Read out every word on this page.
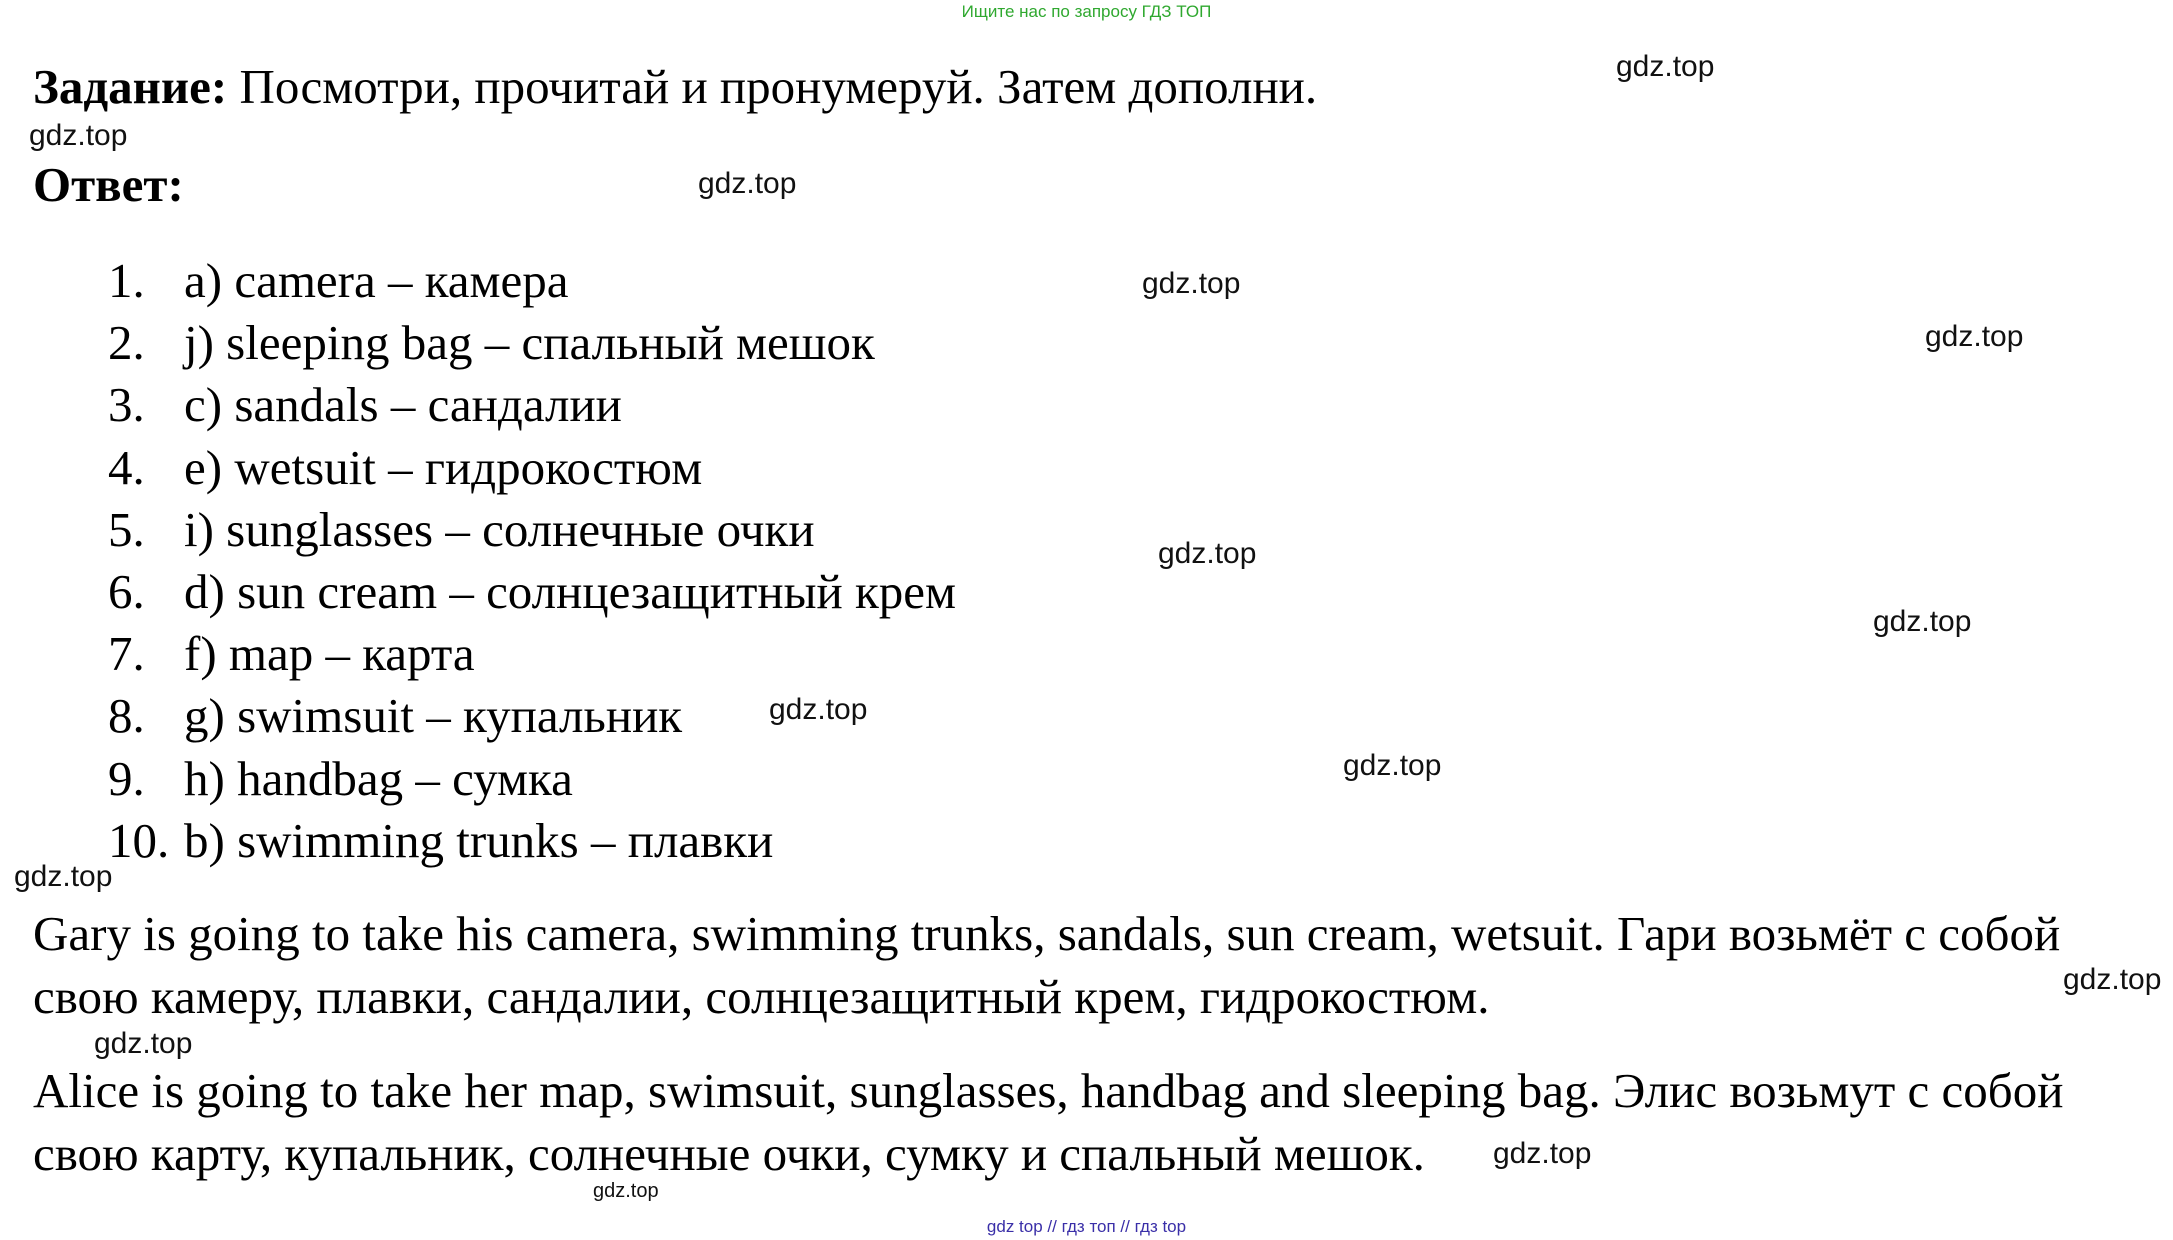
Ищите нас по запросу ГДЗ ТОП
Задание: Посмотри, прочитай и пронумеруй. Затем дополни.
Ответ:
1. a) camera – камера
2. j) sleeping bag – спальный мешок
3. c) sandals – сандалии
4. e) wetsuit – гидрокостюм
5. i) sunglasses – солнечные очки
6. d) sun cream – солнцезащитный крем
7. f) map – карта
8. g) swimsuit – купальник
9. h) handbag – сумка
10. b) swimming trunks – плавки
Gary is going to take his camera, swimming trunks, sandals, sun cream, wetsuit. Гари возьмёт с собой
свою камеру, плавки, сандалии, солнцезащитный крем, гидрокостюм.
Alice is going to take her map, swimsuit, sunglasses, handbag and sleeping bag. Элис возьмут с собой
свою карту, купальник, солнечные очки, сумку и спальный мешок.
gdz.top
gdz.top
gdz.top
gdz.top
gdz.top
gdz.top
gdz.top
gdz.top
gdz.top
gdz.top
gdz.top
gdz.top
gdz.top
gdz.top
gdz top // гдз топ // гдз top
